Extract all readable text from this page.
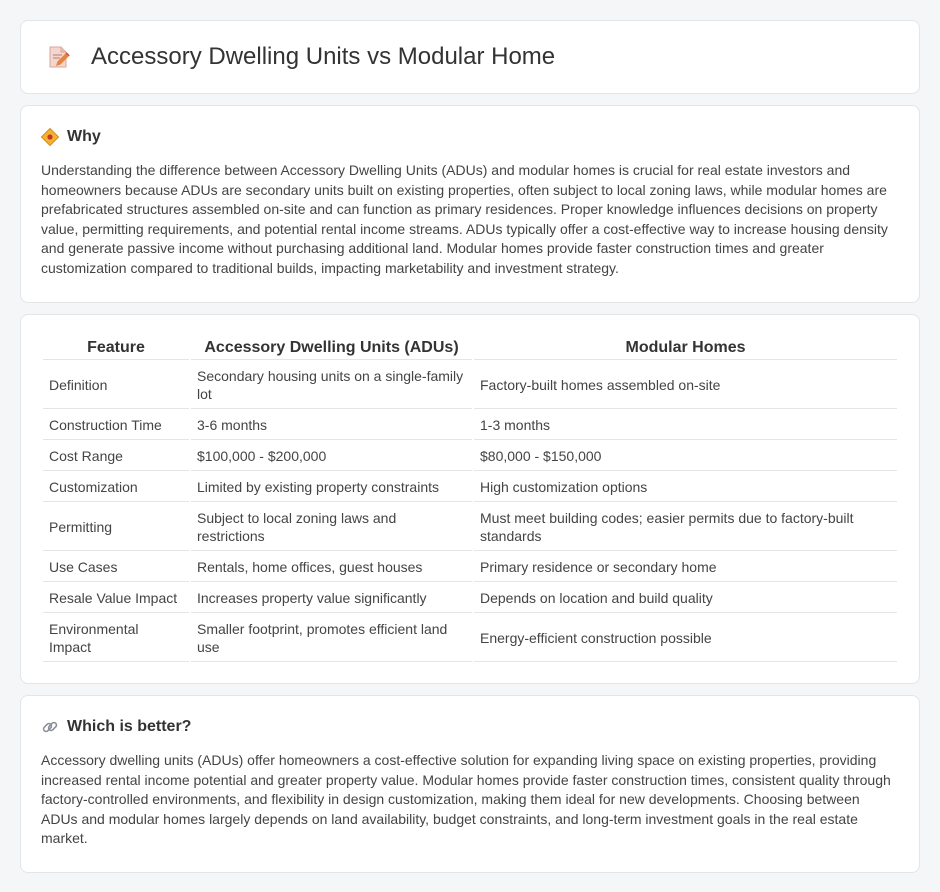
Accessory Dwelling Units vs Modular Home
Why

Understanding the difference between Accessory Dwelling Units (ADUs) and modular homes is crucial for real estate investors and homeowners because ADUs are secondary units built on existing properties, often subject to local zoning laws, while modular homes are prefabricated structures assembled on-site and can function as primary residences. Proper knowledge influences decisions on property value, permitting requirements, and potential rental income streams. ADUs typically offer a cost-effective way to increase housing density and generate passive income without purchasing additional land. Modular homes provide faster construction times and greater customization compared to traditional builds, impacting marketability and investment strategy.

Feature	Accessory Dwelling Units (ADUs)	Modular Homes
Definition	Secondary housing units on a single-family lot	Factory-built homes assembled on-site
Construction Time	3-6 months	1-3 months
Cost Range	$100,000 - $200,000	$80,000 - $150,000
Customization	Limited by existing property constraints	High customization options
Permitting	Subject to local zoning laws and restrictions	Must meet building codes; easier permits due to factory-built standards
Use Cases	Rentals, home offices, guest houses	Primary residence or secondary home
Resale Value Impact	Increases property value significantly	Depends on location and build quality
Environmental Impact	Smaller footprint, promotes efficient land use	Energy-efficient construction possible
Which is better?

Accessory dwelling units (ADUs) offer homeowners a cost-effective solution for expanding living space on existing properties, providing increased rental income potential and greater property value. Modular homes provide faster construction times, consistent quality through factory-controlled environments, and flexibility in design customization, making them ideal for new developments. Choosing between ADUs and modular homes largely depends on land availability, budget constraints, and long-term investment goals in the real estate market.
